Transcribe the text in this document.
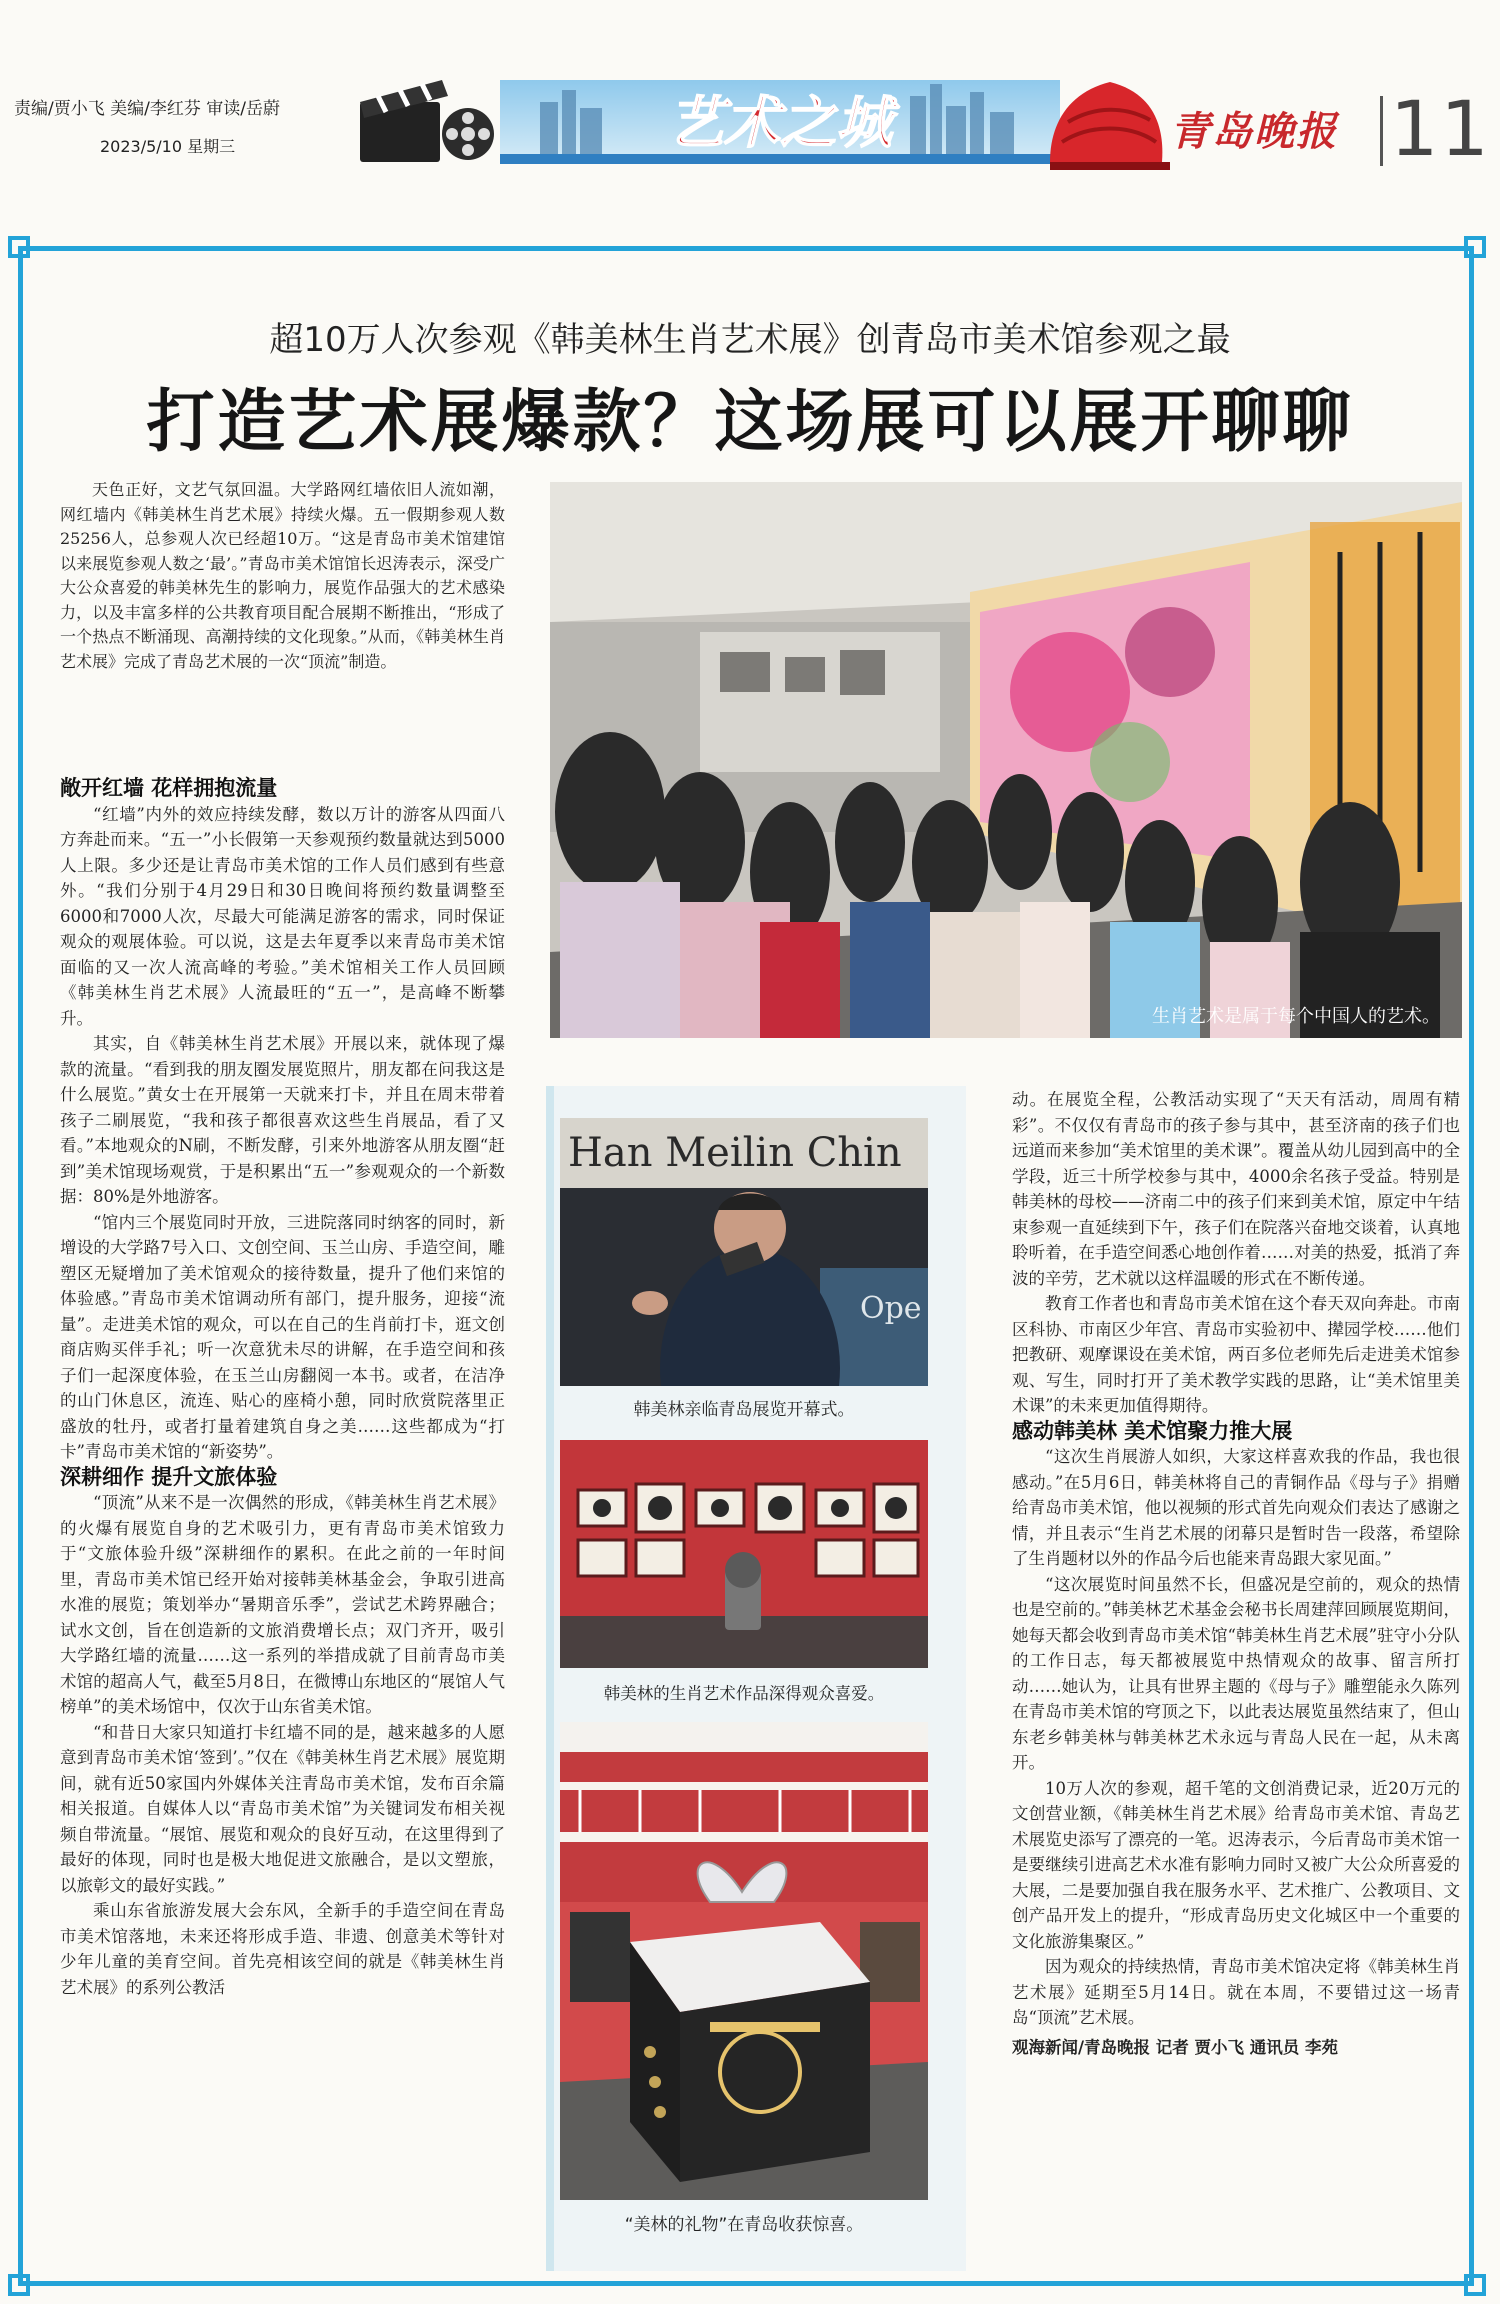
责编/贾小飞 美编/李红芬 审读/岳蔚
2023/5/10 星期三	艺术之城	青岛晚报 11
超10万人次参观《韩美林生肖艺术展》创青岛市美术馆参观之最
打造艺术展爆款？这场展可以展开聊聊

天色正好，文艺气氛回温。大学路网红墙依旧人流如潮，网红墙内《韩美林生肖艺术展》持续火爆。五一假期参观人数25256人，总参观人次已经超10万。“这是青岛市美术馆建馆以来展览参观人数之‘最’。”青岛市美术馆馆长迟涛表示，深受广大公众喜爱的韩美林先生的影响力，展览作品强大的艺术感染力，以及丰富多样的公共教育项目配合展期不断推出，“形成了一个热点不断涌现、高潮持续的文化现象。”从而，《韩美林生肖艺术展》完成了青岛艺术展的一次“顶流”制造。

生肖艺术是属于每个中国人的艺术。

敞开红墙 花样拥抱流量

“红墙”内外的效应持续发酵，数以万计的游客从四面八方奔赴而来。“五一”小长假第一天参观预约数量就达到5000人上限。多少还是让青岛市美术馆的工作人员们感到有些意外。“我们分别于4月29日和30日晚间将预约数量调整至6000和7000人次，尽最大可能满足游客的需求，同时保证观众的观展体验。可以说，这是去年夏季以来青岛市美术馆面临的又一次人流高峰的考验。”美术馆相关工作人员回顾《韩美林生肖艺术展》人流最旺的“五一”，是高峰不断攀升。

其实，自《韩美林生肖艺术展》开展以来，就体现了爆款的流量。“看到我的朋友圈发展览照片，朋友都在问我这是什么展览。”黄女士在开展第一天就来打卡，并且在周末带着孩子二刷展览，“我和孩子都很喜欢这些生肖展品，看了又看。”本地观众的N刷，不断发酵，引来外地游客从朋友圈“赶到”美术馆现场观赏，于是积累出“五一”参观观众的一个新数据：80%是外地游客。

“馆内三个展览同时开放，三进院落同时纳客的同时，新增设的大学路7号入口、文创空间、玉兰山房、手造空间，雕塑区无疑增加了美术馆观众的接待数量，提升了他们来馆的体验感。”青岛市美术馆调动所有部门，提升服务，迎接“流量”。走进美术馆的观众，可以在自己的生肖前打卡，逛文创商店购买伴手礼；听一次意犹未尽的讲解，在手造空间和孩子们一起深度体验，在玉兰山房翻阅一本书。或者，在洁净的山门休息区，流连、贴心的座椅小憩，同时欣赏院落里正盛放的牡丹，或者打量着建筑自身之美……这些都成为“打卡”青岛市美术馆的“新姿势”。

深耕细作 提升文旅体验

“顶流”从来不是一次偶然的形成，《韩美林生肖艺术展》的火爆有展览自身的艺术吸引力，更有青岛市美术馆致力于“文旅体验升级”深耕细作的累积。在此之前的一年时间里，青岛市美术馆已经开始对接韩美林基金会，争取引进高水准的展览；策划举办“暑期音乐季”，尝试艺术跨界融合；试水文创，旨在创造新的文旅消费增长点；双门齐开，吸引大学路红墙的流量……这一系列的举措成就了目前青岛市美术馆的超高人气，截至5月8日，在微博山东地区的“展馆人气榜单”的美术场馆中，仅次于山东省美术馆。

“和昔日大家只知道打卡红墙不同的是，越来越多的人愿意到青岛市美术馆‘签到’。”仅在《韩美林生肖艺术展》展览期间，就有近50家国内外媒体关注青岛市美术馆，发布百余篇相关报道。自媒体人以“青岛市美术馆”为关键词发布相关视频自带流量。“展馆、展览和观众的良好互动，在这里得到了最好的体现，同时也是极大地促进文旅融合，是以文塑旅，以旅彰文的最好实践。”

乘山东省旅游发展大会东风，全新手的手造空间在青岛市美术馆落地，未来还将形成手造、非遗、创意美术等针对少年儿童的美育空间。首先亮相该空间的就是《韩美林生肖艺术展》的系列公教活

Han Meilin Chin
Ope
韩美林亲临青岛展览开幕式。
韩美林的生肖艺术作品深得观众喜爱。
“美林的礼物”在青岛收获惊喜。

动。在展览全程，公教活动实现了“天天有活动，周周有精彩”。不仅仅有青岛市的孩子参与其中，甚至济南的孩子们也远道而来参加“美术馆里的美术课”。覆盖从幼儿园到高中的全学段，近三十所学校参与其中，4000余名孩子受益。特别是韩美林的母校——济南二中的孩子们来到美术馆，原定中午结束参观一直延续到下午，孩子们在院落兴奋地交谈着，认真地聆听着，在手造空间悉心地创作着……对美的热爱，抵消了奔波的辛劳，艺术就以这样温暖的形式在不断传递。

教育工作者也和青岛市美术馆在这个春天双向奔赴。市南区科协、市南区少年宫、青岛市实验初中、撵园学校……他们把教研、观摩课设在美术馆，两百多位老师先后走进美术馆参观、写生，同时打开了美术教学实践的思路，让“美术馆里美术课”的未来更加值得期待。

感动韩美林 美术馆聚力推大展

“这次生肖展游人如织，大家这样喜欢我的作品，我也很感动。”在5月6日，韩美林将自己的青铜作品《母与子》捐赠给青岛市美术馆，他以视频的形式首先向观众们表达了感谢之情，并且表示“生肖艺术展的闭幕只是暂时告一段落，希望除了生肖题材以外的作品今后也能来青岛跟大家见面。”

“这次展览时间虽然不长，但盛况是空前的，观众的热情也是空前的。”韩美林艺术基金会秘书长周建萍回顾展览期间，她每天都会收到青岛市美术馆“韩美林生肖艺术展”驻守小分队的工作日志，每天都被展览中热情观众的故事、留言所打动……她认为，让具有世界主题的《母与子》雕塑能永久陈列在青岛市美术馆的穹顶之下，以此表达展览虽然结束了，但山东老乡韩美林与韩美林艺术永远与青岛人民在一起，从未离开。

10万人次的参观，超千笔的文创消费记录，近20万元的文创营业额，《韩美林生肖艺术展》给青岛市美术馆、青岛艺术展览史添写了漂亮的一笔。迟涛表示，今后青岛市美术馆一是要继续引进高艺术水准有影响力同时又被广大公众所喜爱的大展，二是要加强自我在服务水平、艺术推广、公教项目、文创产品开发上的提升，“形成青岛历史文化城区中一个重要的文化旅游集聚区。”

因为观众的持续热情，青岛市美术馆决定将《韩美林生肖艺术展》延期至5月14日。就在本周，不要错过这一场青岛“顶流”艺术展。

观海新闻/青岛晚报 记者 贾小飞 通讯员 李苑
